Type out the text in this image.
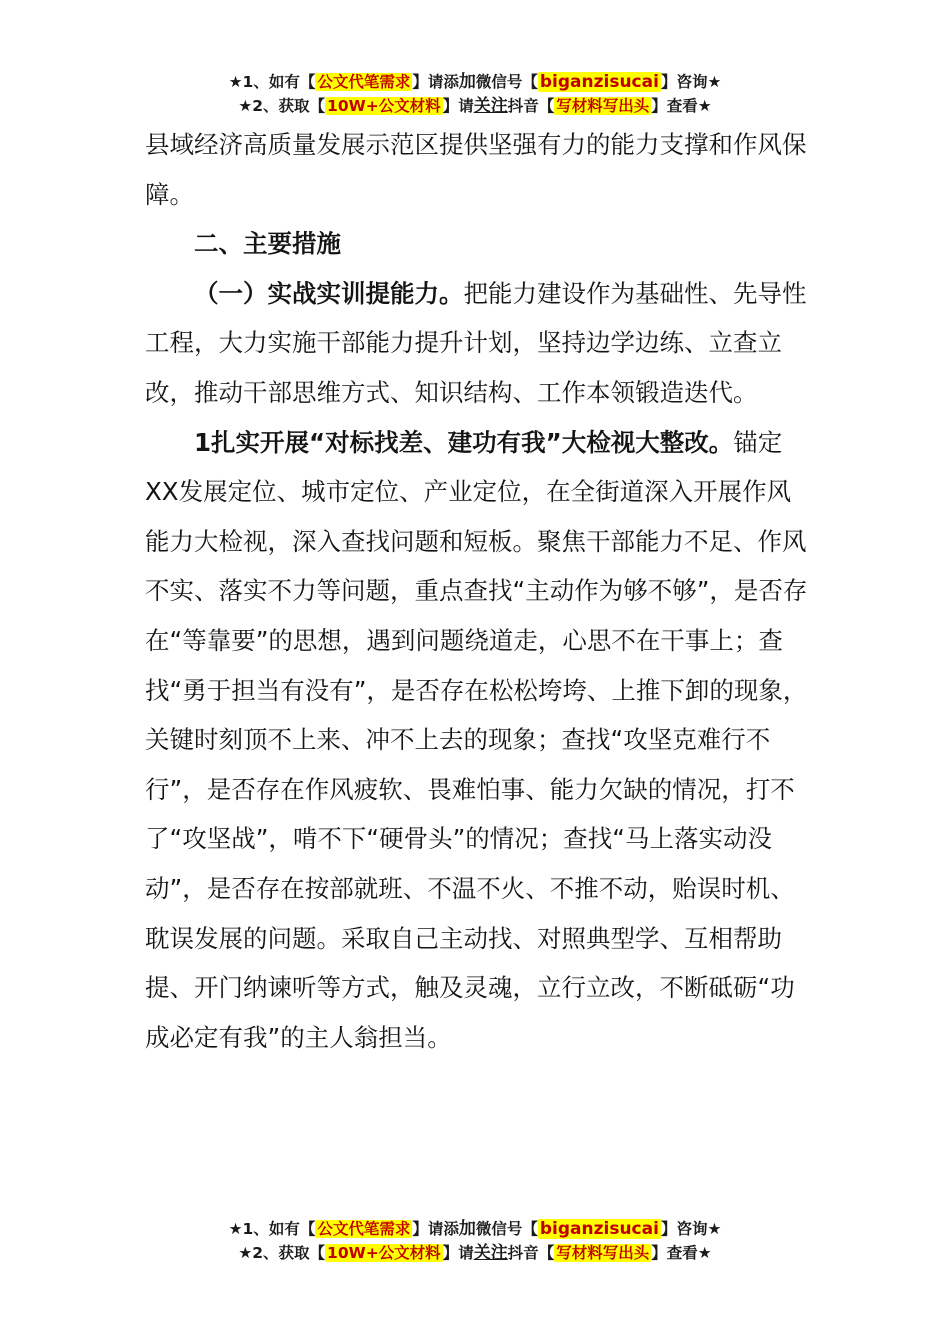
★1、如有【 公文代笔需求 】请添加微信号【 biganzisucai 】咨询★
★2、获取【 10W+公文材料 】请关注抖音【 写材料写出头 】查看★

县域经济高质量发展示范区提供坚强有力的能力支撑和作风保障。

二、主要措施

（一）实战实训提能力。把能力建设作为基础性、先导性工程，大力实施干部能力提升计划，坚持边学边练、立查立改，推动干部思维方式、知识结构、工作本领锻造迭代。

1扎实开展“对标找差、建功有我”大检视大整改。锚定XX发展定位、城市定位、产业定位，在全街道深入开展作风能力大检视，深入查找问题和短板。聚焦干部能力不足、作风不实、落实不力等问题，重点查找“主动作为够不够”，是否存在“等靠要”的思想，遇到问题绕道走，心思不在干事上；查找“勇于担当有没有”，是否存在松松垮垮、上推下卸的现象，关键时刻顶不上来、冲不上去的现象；查找“攻坚克难行不行”，是否存在作风疲软、畏难怕事、能力欠缺的情况，打不了“攻坚战”，啃不下“硬骨头”的情况；查找“马上落实动没动”，是否存在按部就班、不温不火、不推不动，贻误时机、耽误发展的问题。采取自己主动找、对照典型学、互相帮助提、开门纳谏听等方式，触及灵魂，立行立改，不断砥砺“功成必定有我”的主人翁担当。

★1、如有【 公文代笔需求 】请添加微信号【 biganzisucai 】咨询★
★2、获取【 10W+公文材料 】请关注抖音【 写材料写出头 】查看★
